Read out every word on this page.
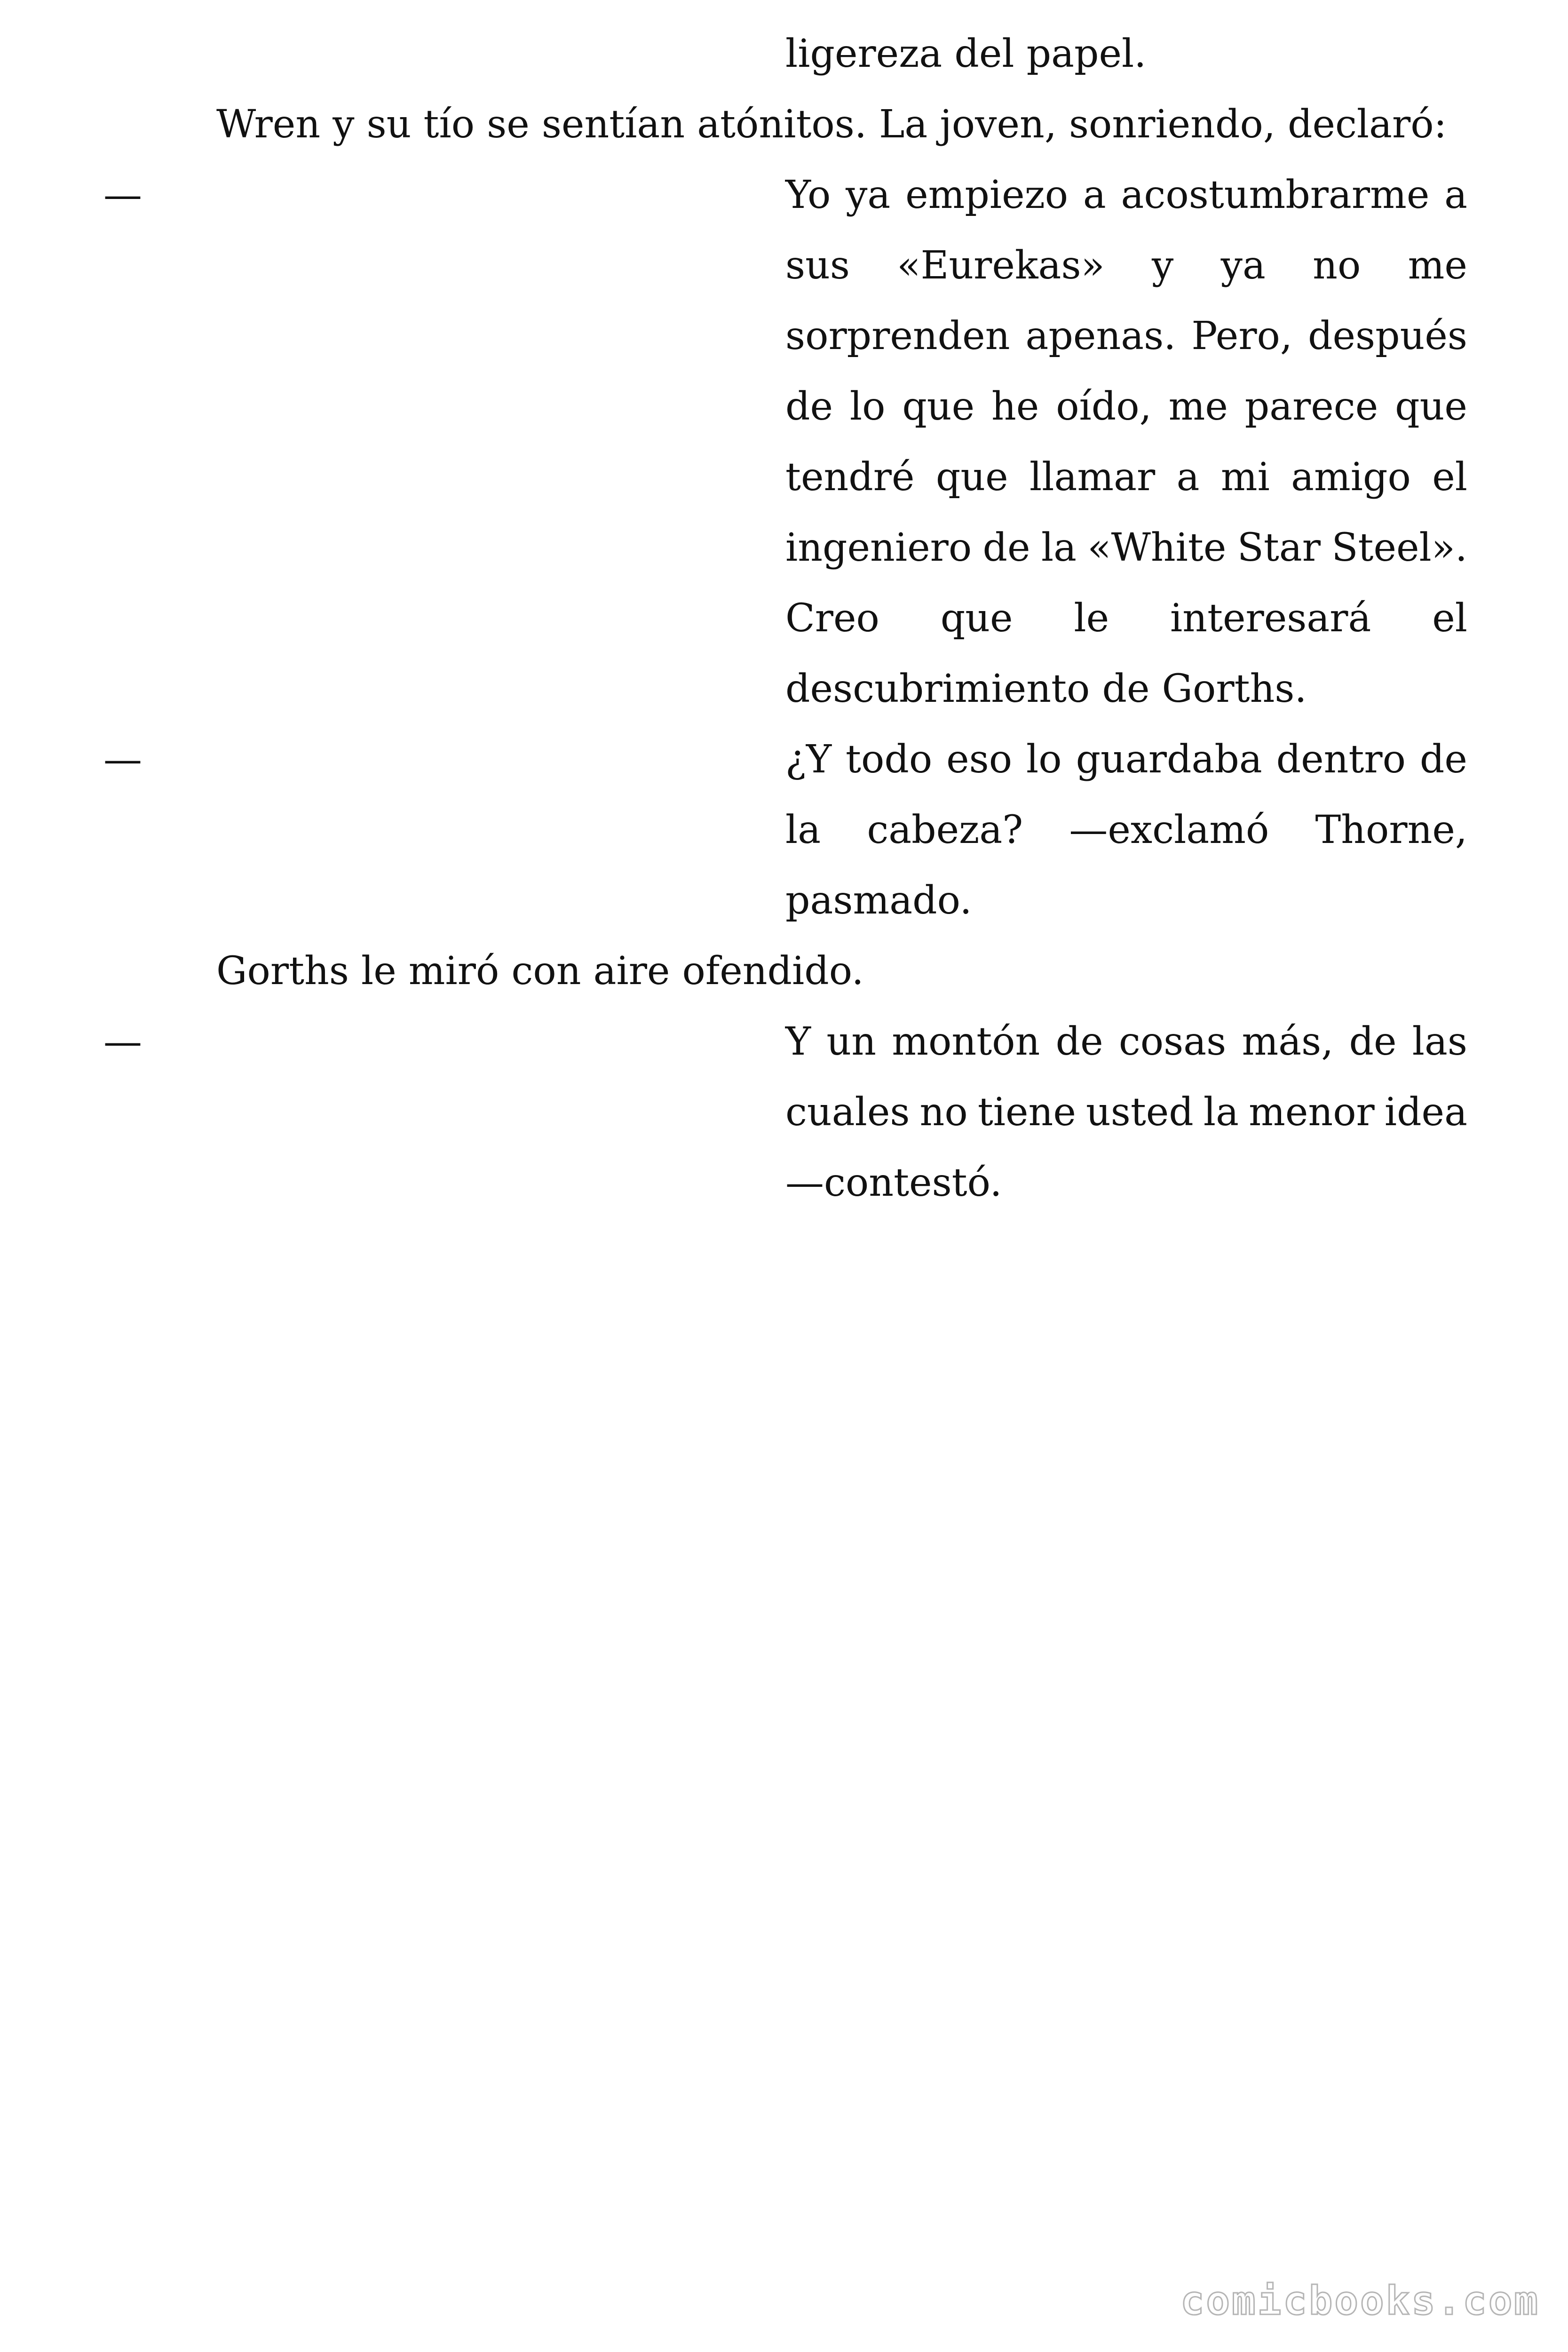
ligereza del papel.
Wren y su tío se sentían atónitos. La joven, sonriendo, declaró:
—	Yo ya empiezo a acostumbrarme a
sus «Eurekas» y ya no me
sorprenden apenas. Pero, después
de lo que he oído, me parece que
tendré que llamar a mi amigo el
ingeniero de la «White Star Steel».
Creo que le interesará el
descubrimiento de Gorths.
—	¿Y todo eso lo guardaba dentro de
la cabeza? —exclamó Thorne,
pasmado.
Gorths le miró con aire ofendido.
—	Y un montón de cosas más, de las
cuales no tiene usted la menor idea
—contestó.
comicbooks.com
